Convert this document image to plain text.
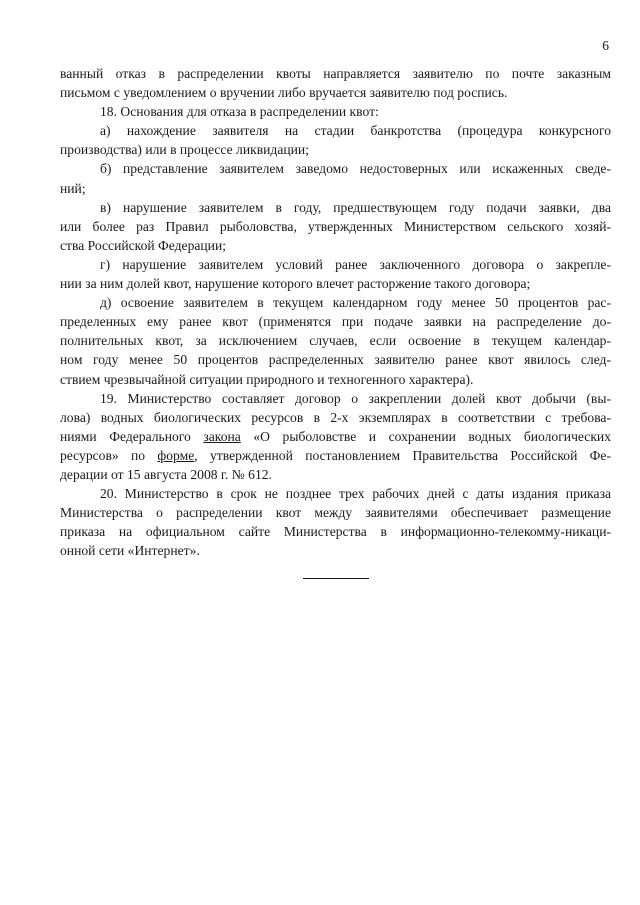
6

ванный отказ в распределении квоты направляется заявителю по почте заказным

письмом с уведомлением о вручении либо вручается заявителю под роспись.

18. Основания для отказа в распределении квот:

а) нахождение заявителя на стадии банкротства (процедура конкурсного

производства) или в процессе ликвидации;

б) представление заявителем заведомо недостоверных или искаженных сведе-

ний;

в) нарушение заявителем в году, предшествующем году подачи заявки, два

или более раз Правил рыболовства, утвержденных Министерством сельского хозяй-

ства Российской Федерации;

г) нарушение заявителем условий ранее заключенного договора о закрепле-

нии за ним долей квот, нарушение которого влечет расторжение такого договора;

д) освоение заявителем в текущем календарном году менее 50 процентов рас-

пределенных ему ранее квот (применятся при подаче заявки на распределение до-

полнительных квот, за исключением случаев, если освоение в текущем календар-

ном году менее 50 процентов распределенных заявителю ранее квот явилось след-

ствием чрезвычайной ситуации природного и техногенного характера).

19. Министерство составляет договор о закреплении долей квот добычи (вы-

лова) водных биологических ресурсов в 2-х экземплярах в соответствии с требова-

ниями Федерального закона «О рыболовстве и сохранении водных биологических

ресурсов» по форме, утвержденной постановлением Правительства Российской Фе-

дерации от 15 августа 2008 г. № 612.

20. Министерство в срок не позднее трех рабочих дней с даты издания приказа

Министерства о распределении квот между заявителями обеспечивает размещение

приказа на официальном сайте Министерства в информационно-телекомму-никаци-

онной сети «Интернет».
